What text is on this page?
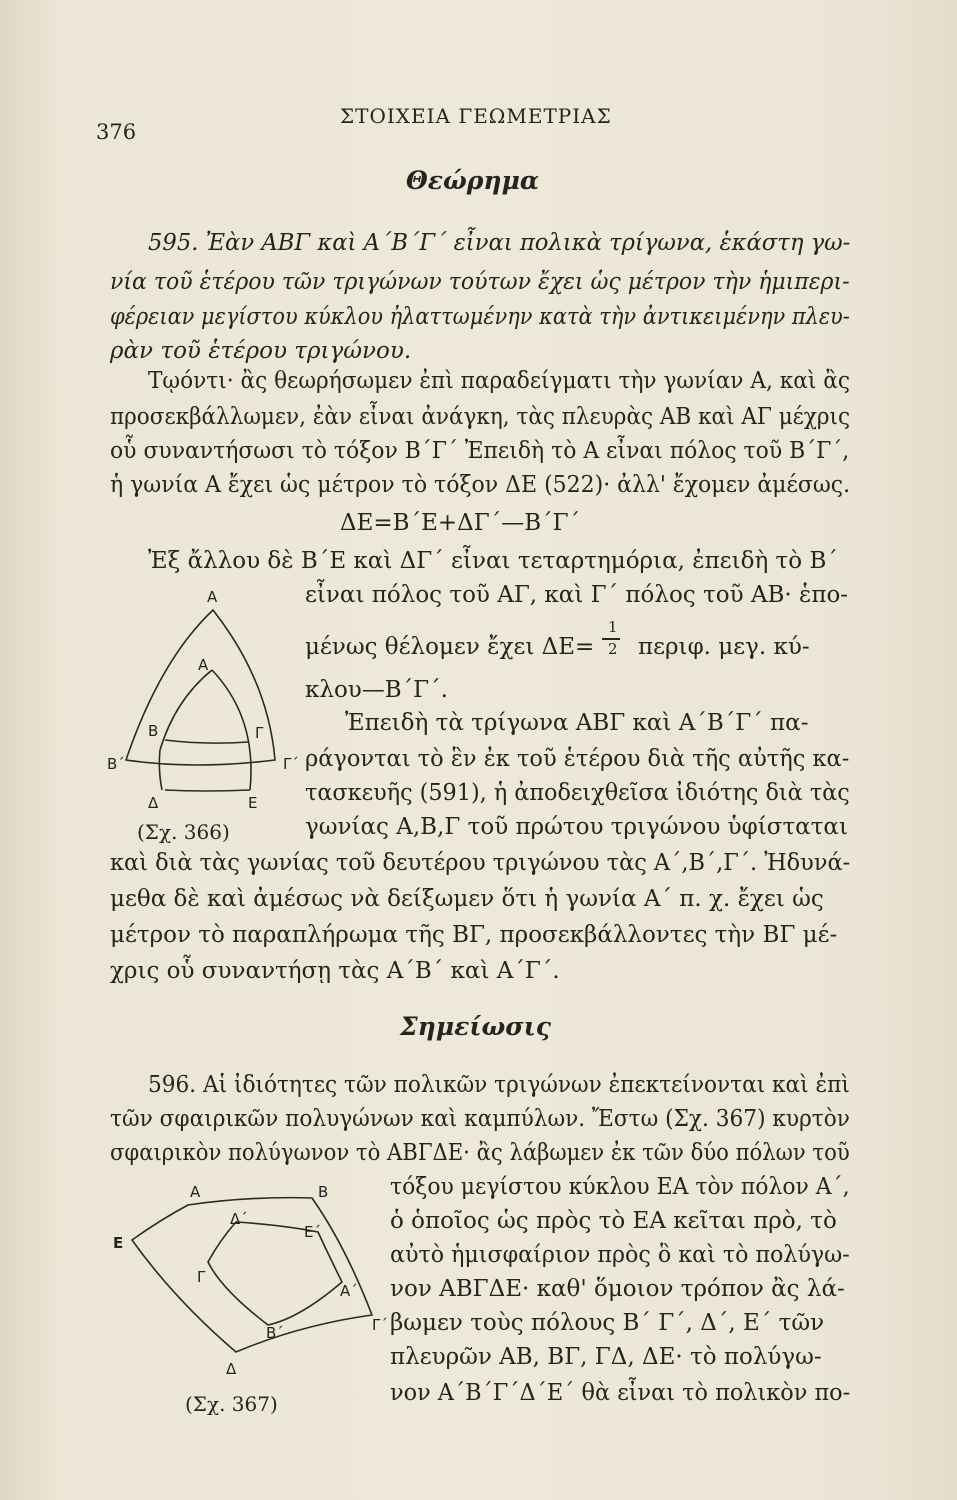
376
ΣΤΟΙΧΕΙΑ ΓΕΩΜΕΤΡΙΑΣ
Θεώρημα
595. Ἐὰν ΑΒΓ καὶ Α΄Β΄Γ΄ εἶναι πολικὰ τρίγωνα, ἑκάστη γω-
νία τοῦ ἑτέρου τῶν τριγώνων τούτων ἔχει ὡς μέτρον τὴν ἡμιπερι-
φέρειαν μεγίστου κύκλου ἠλαττωμένην κατὰ τὴν ἀντικειμένην πλευ-
ρὰν τοῦ ἑτέρου τριγώνου.
Τῳόντι· ἂς θεωρήσωμεν ἐπὶ παραδείγματι τὴν γωνίαν Α, καὶ ἂς
προσεκβάλλωμεν, ἐὰν εἶναι ἀνάγκη, τὰς πλευρὰς ΑΒ καὶ ΑΓ μέχρις
οὗ συναντήσωσι τὸ τόξον Β΄Γ΄ Ἐπειδὴ τὸ Α εἶναι πόλος τοῦ Β΄Γ΄,
ἡ γωνία Α ἔχει ὡς μέτρον τὸ τόξον ΔΕ (522)· ἀλλ' ἔχομεν ἀμέσως.
ΔΕ=Β΄Ε+ΔΓ΄—Β΄Γ΄
Ἐξ ἄλλου δὲ Β΄Ε καὶ ΔΓ΄ εἶναι τεταρτημόρια, ἐπειδὴ τὸ Β΄
εἶναι πόλος τοῦ ΑΓ, καὶ Γ΄ πόλος τοῦ ΑΒ· ἑπο-
μένως θέλομεν ἔχει ΔΕ=
1
2 περιφ. μεγ. κύ-
κλου—Β΄Γ΄.
Ἐπειδὴ τὰ τρίγωνα ΑΒΓ καὶ Α΄Β΄Γ΄ πα-
ράγονται τὸ ἓν ἐκ τοῦ ἑτέρου διὰ τῆς αὐτῆς κα-
τασκευῆς (591), ἡ ἀποδειχθεῖσα ἰδιότης διὰ τὰς
γωνίας Α,Β,Γ τοῦ πρώτου τριγώνου ὑφίσταται
καὶ διὰ τὰς γωνίας τοῦ δευτέρου τριγώνου τὰς Α΄,Β΄,Γ΄. Ἠδυνά-
μεθα δὲ καὶ ἀμέσως νὰ δείξωμεν ὅτι ἡ γωνία Α΄ π. χ. ἔχει ὡς
μέτρον τὸ παραπλήρωμα τῆς ΒΓ, προσεκβάλλοντες τὴν ΒΓ μέ-
χρις οὗ συναντήσῃ τὰς Α΄Β΄ καὶ Α΄Γ΄.
Α
Α
Β	Γ
Β΄	Γ΄
Δ	Ε
(Σχ. 366)
Σημείωσις
596. Αἱ ἰδιότητες τῶν πολικῶν τριγώνων ἐπεκτείνονται καὶ ἐπὶ
τῶν σφαιρικῶν πολυγώνων καὶ καμπύλων. Ἔστω (Σχ. 367) κυρτὸν
σφαιρικὸν πολύγωνον τὸ ΑΒΓΔΕ· ἂς λάβωμεν ἐκ τῶν δύο πόλων τοῦ
τόξου μεγίστου κύκλου ΕΑ τὸν πόλον Α΄,
ὁ ὁποῖος ὡς πρὸς τὸ ΕΑ κεῖται πρὸ, τὸ
αὐτὸ ἡμισφαίριον πρὸς ὃ καὶ τὸ πολύγω-
νον ΑΒΓΔΕ· καθ' ὅμοιον τρόπον ἂς λά-
βωμεν τοὺς πόλους Β΄ Γ΄, Δ΄, Ε΄ τῶν
πλευρῶν ΑΒ, ΒΓ, ΓΔ, ΔΕ· τὸ πολύγω-
νον Α΄Β΄Γ΄Δ΄Ε΄ θὰ εἶναι τὸ πολικὸν πο-
Α	Β
Ε
Δ΄
Ε΄
Γ
Α΄
Β΄	Γ΄
Δ
(Σχ. 367)
